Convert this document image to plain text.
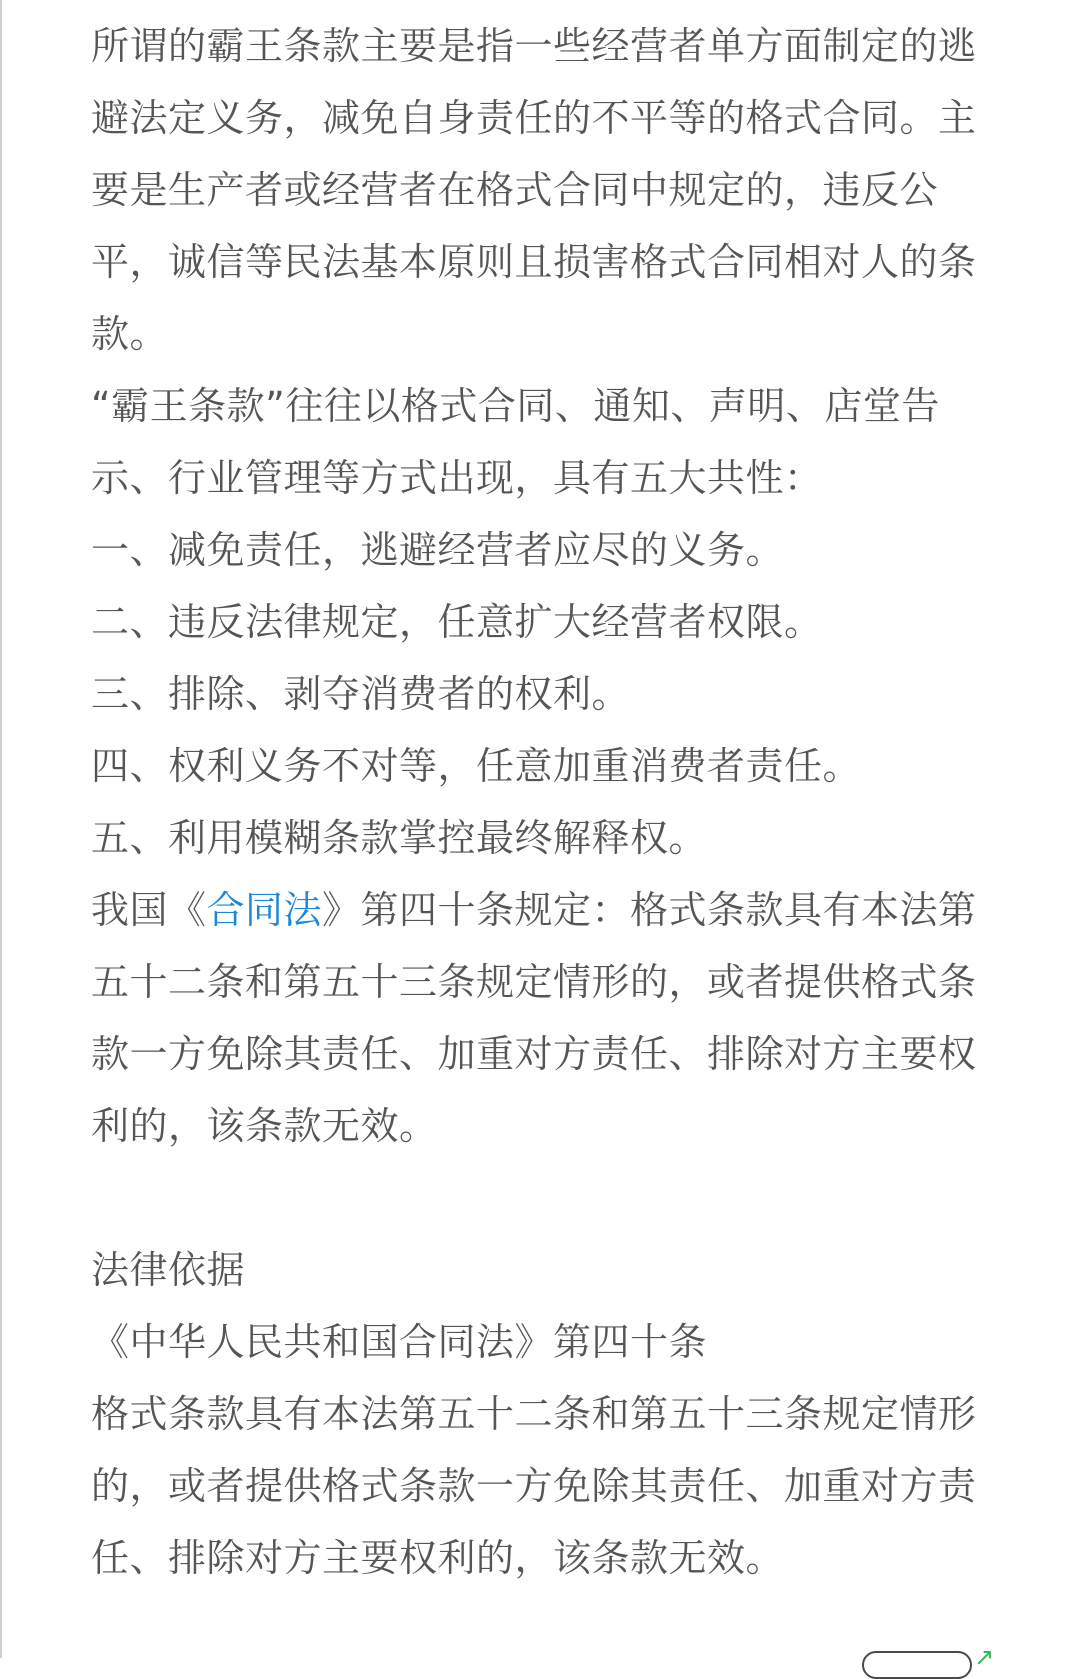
所谓的霸王条款主要是指一些经营者单方面制定的逃避法定义务，减免自身责任的不平等的格式合同。主要是生产者或经营者在格式合同中规定的，违反公平，诚信等民法基本原则且损害格式合同相对人的条款。

“霸王条款”往往以格式合同、通知、声明、店堂告示、行业管理等方式出现，具有五大共性：

一、减免责任，逃避经营者应尽的义务。

二、违反法律规定，任意扩大经营者权限。

三、排除、剥夺消费者的权利。

四、权利义务不对等，任意加重消费者责任。

五、利用模糊条款掌控最终解释权。

我国《合同法》第四十条规定：格式条款具有本法第五十二条和第五十三条规定情形的，或者提供格式条款一方免除其责任、加重对方责任、排除对方主要权利的，该条款无效。

法律依据

《中华人民共和国合同法》第四十条

格式条款具有本法第五十二条和第五十三条规定情形的，或者提供格式条款一方免除其责任、加重对方责任、排除对方主要权利的，该条款无效。

↗
